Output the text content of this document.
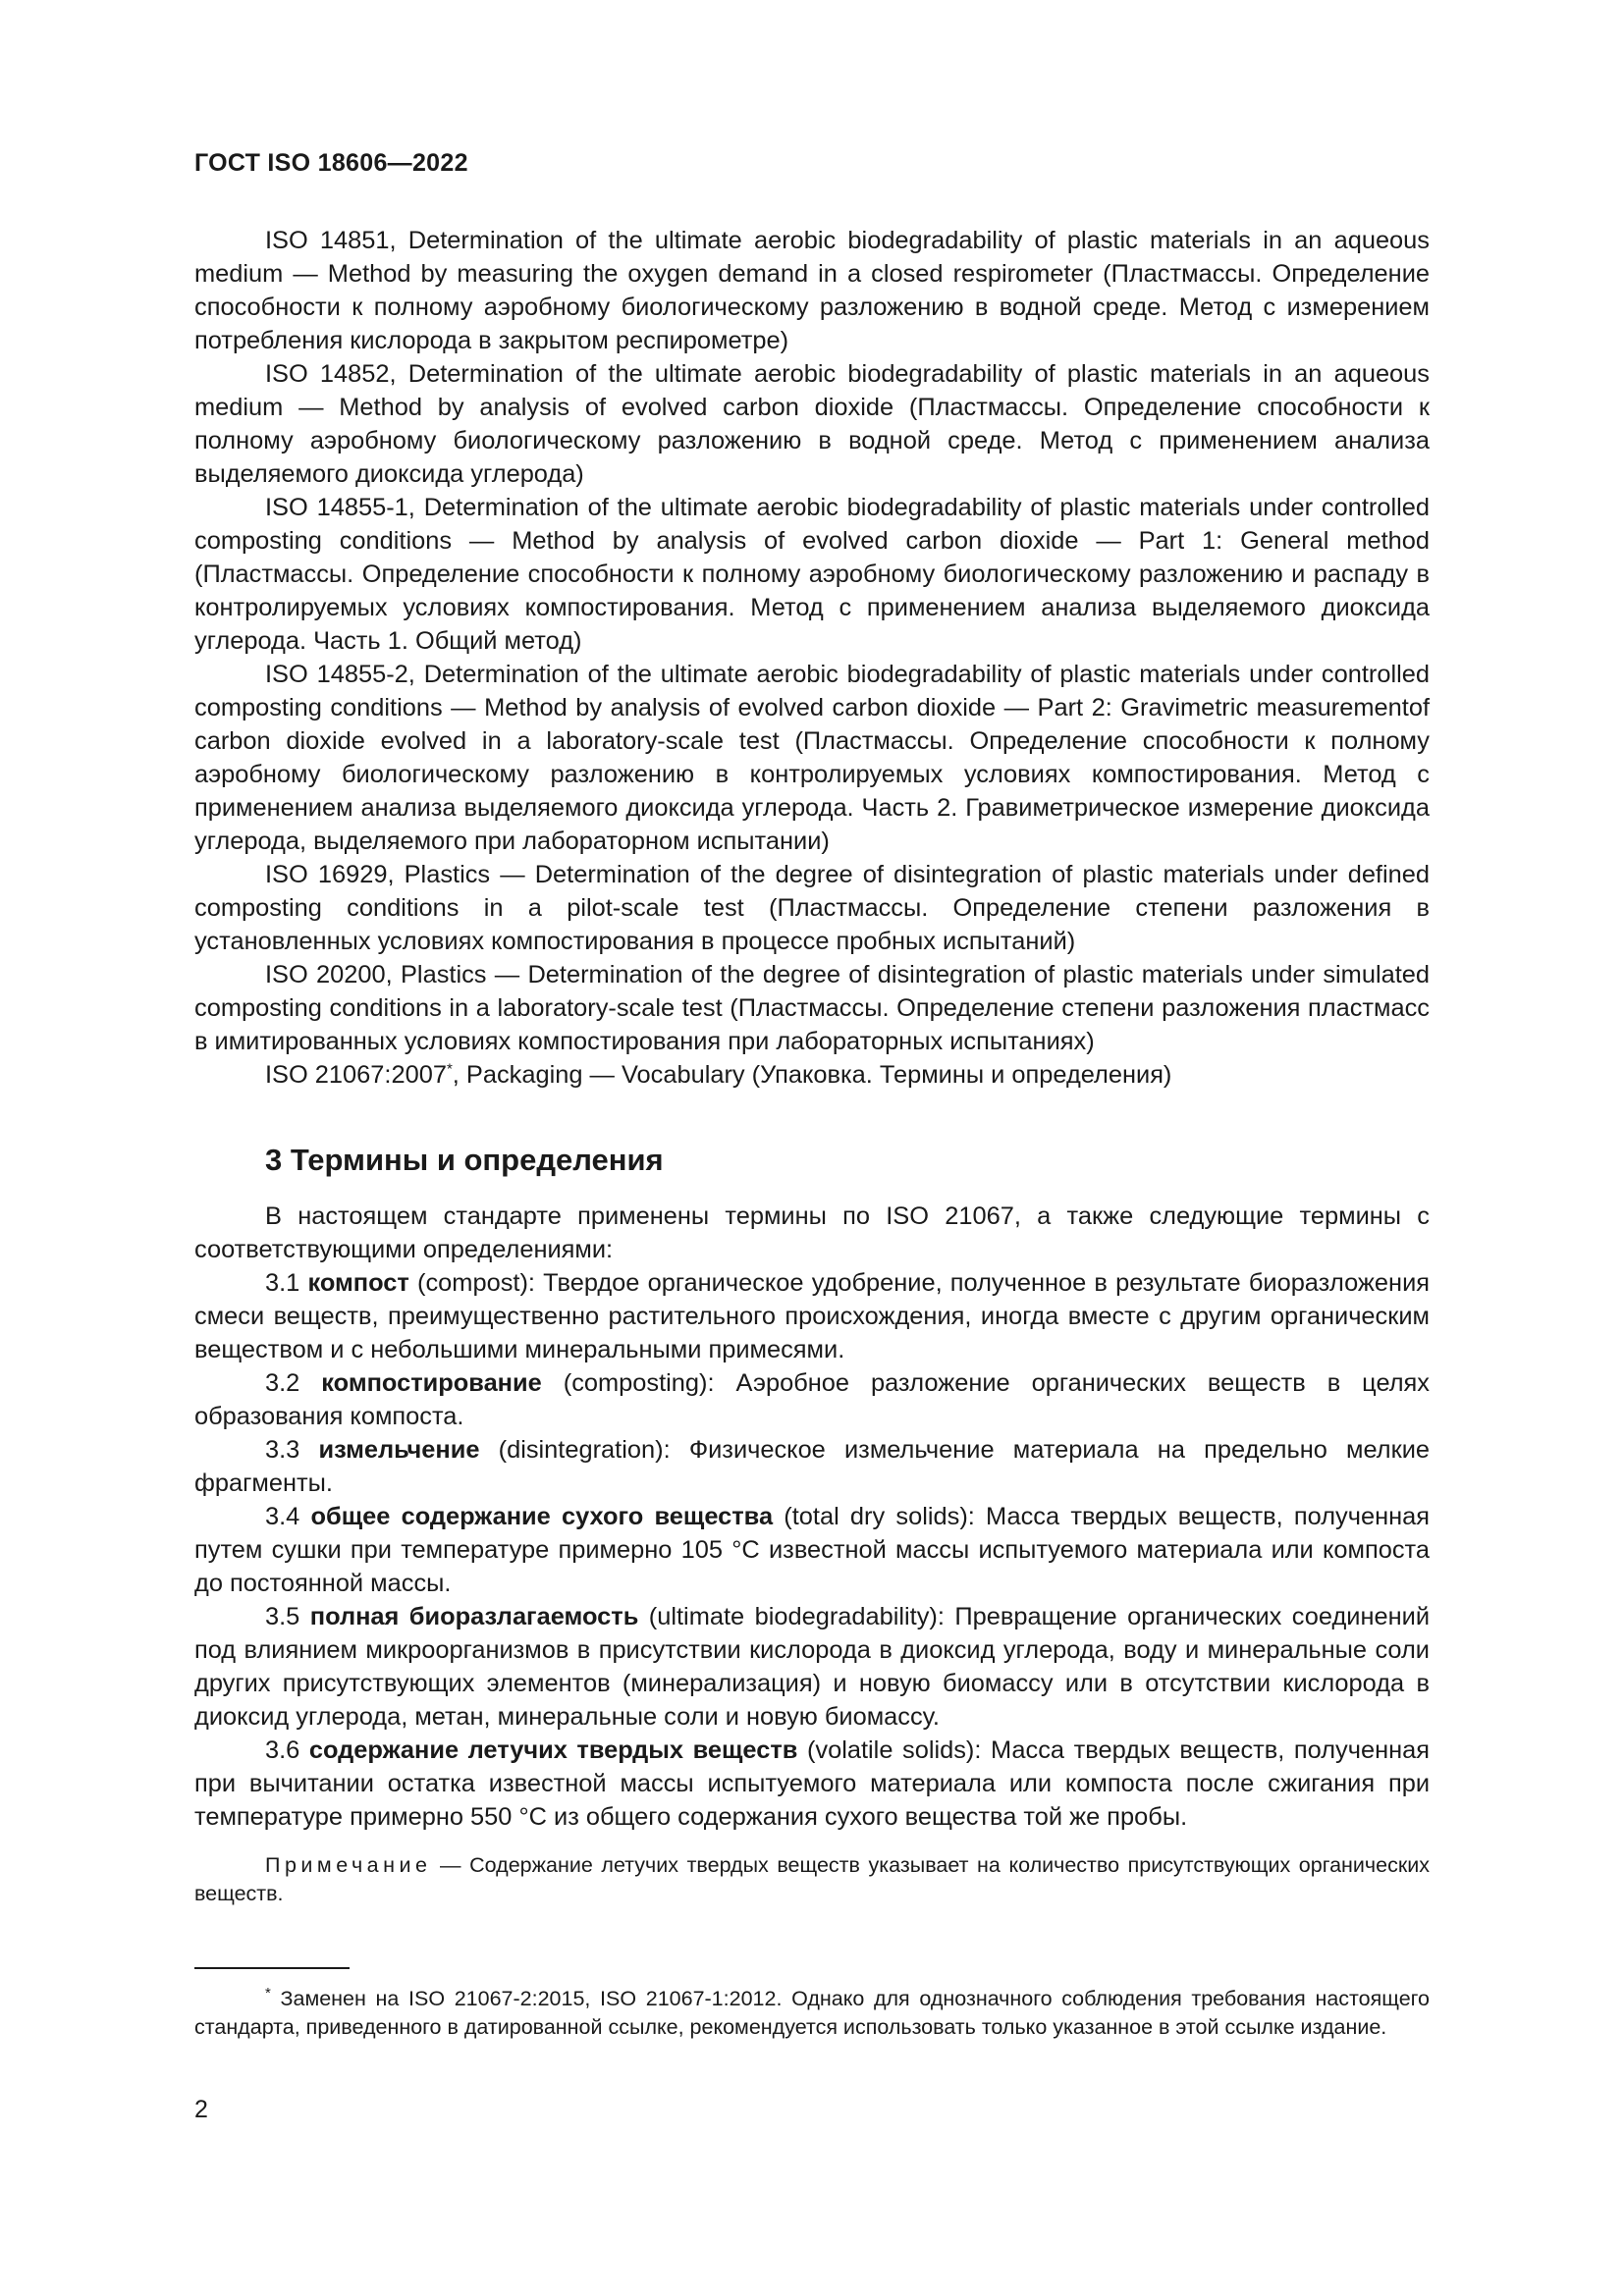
ГОСТ ISO 18606—2022

ISO 14851, Determination of the ultimate aerobic biodegradability of plastic materials in an aqueous medium — Method by measuring the oxygen demand in a closed respirometer (Пластмассы. Определение способности к полному аэробному биологическому разложению в водной среде. Метод с измерением потребления кислорода в закрытом респирометре)

ISO 14852, Determination of the ultimate aerobic biodegradability of plastic materials in an aqueous medium — Method by analysis of evolved carbon dioxide (Пластмассы. Определение способности к полному аэробному биологическому разложению в водной среде. Метод с применением анализа выделяемого диоксида углерода)

ISO 14855-1, Determination of the ultimate aerobic biodegradability of plastic materials under controlled composting conditions — Method by analysis of evolved carbon dioxide — Part 1: General method (Пластмассы. Определение способности к полному аэробному биологическому разложению и распаду в контролируемых условиях компостирования. Метод с применением анализа выделяемого диоксида углерода. Часть 1. Общий метод)

ISO 14855-2, Determination of the ultimate aerobic biodegradability of plastic materials under controlled composting conditions — Method by analysis of evolved carbon dioxide — Part 2: Gravimetric measurementof carbon dioxide evolved in a laboratory-scale test (Пластмассы. Определение способности к полному аэробному биологическому разложению в контролируемых условиях компостирования. Метод с применением анализа выделяемого диоксида углерода. Часть 2. Гравиметрическое измерение диоксида углерода, выделяемого при лабораторном испытании)

ISO 16929, Plastics — Determination of the degree of disintegration of plastic materials under defined composting conditions in a pilot-scale test (Пластмассы. Определение степени разложения в установленных условиях компостирования в процессе пробных испытаний)

ISO 20200, Plastics — Determination of the degree of disintegration of plastic materials under simulated composting conditions in a laboratory-scale test (Пластмассы. Определение степени разложения пластмасс в имитированных условиях компостирования при лабораторных испытаниях)

ISO 21067:2007*, Packaging — Vocabulary (Упаковка. Термины и определения)

3 Термины и определения

В настоящем стандарте применены термины по ISO 21067, а также следующие термины с соответствующими определениями:

3.1 компост (compost): Твердое органическое удобрение, полученное в результате биоразложения смеси веществ, преимущественно растительного происхождения, иногда вместе с другим органическим веществом и с небольшими минеральными примесями.

3.2 компостирование (composting): Аэробное разложение органических веществ в целях образования компоста.

3.3 измельчение (disintegration): Физическое измельчение материала на предельно мелкие фрагменты.

3.4 общее содержание сухого вещества (total dry solids): Масса твердых веществ, полученная путем сушки при температуре примерно 105 °С известной массы испытуемого материала или компоста до постоянной массы.

3.5 полная биоразлагаемость (ultimate biodegradability): Превращение органических соединений под влиянием микроорганизмов в присутствии кислорода в диоксид углерода, воду и минеральные соли других присутствующих элементов (минерализация) и новую биомассу или в отсутствии кислорода в диоксид углерода, метан, минеральные соли и новую биомассу.

3.6 содержание летучих твердых веществ (volatile solids): Масса твердых веществ, полученная при вычитании остатка известной массы испытуемого материала или компоста после сжигания при температуре примерно 550 °С из общего содержания сухого вещества той же пробы.

Примечание — Содержание летучих твердых веществ указывает на количество присутствующих органических веществ.

* Заменен на ISO 21067-2:2015, ISO 21067-1:2012. Однако для однозначного соблюдения требования настоящего стандарта, приведенного в датированной ссылке, рекомендуется использовать только указанное в этой ссылке издание.
2
